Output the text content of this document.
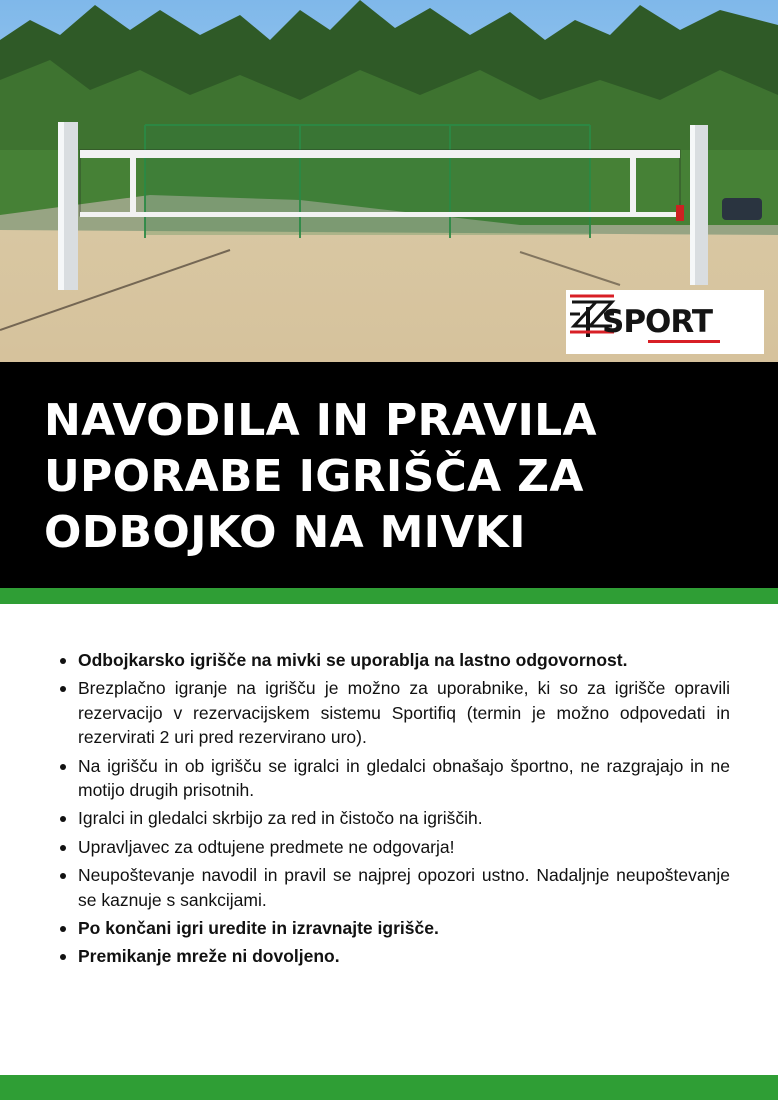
SPORT
NAVODILA IN PRAVILA
UPORABE IGRIŠČA ZA
ODBOJKO NA MIVKI
Odbojkarsko igrišče na mivki se uporablja na lastno odgovornost.
Brezplačno igranje na igrišču je možno za uporabnike, ki so za igrišče opravili rezervacijo v rezervacijskem sistemu Sportifiq (termin je možno odpovedati in rezervirati 2 uri pred rezervirano uro).
Na igrišču in ob igrišču se igralci in gledalci obnašajo športno, ne razgrajajo in ne motijo drugih prisotnih.
Igralci in gledalci skrbijo za red in čistočo na igriščih.
Upravljavec za odtujene predmete ne odgovarja!
Neupoštevanje navodil in pravil se najprej opozori ustno. Nadaljnje neupoštevanje se kaznuje s sankcijami.
Po končani igri uredite in izravnajte igrišče.
Premikanje mreže ni dovoljeno.
